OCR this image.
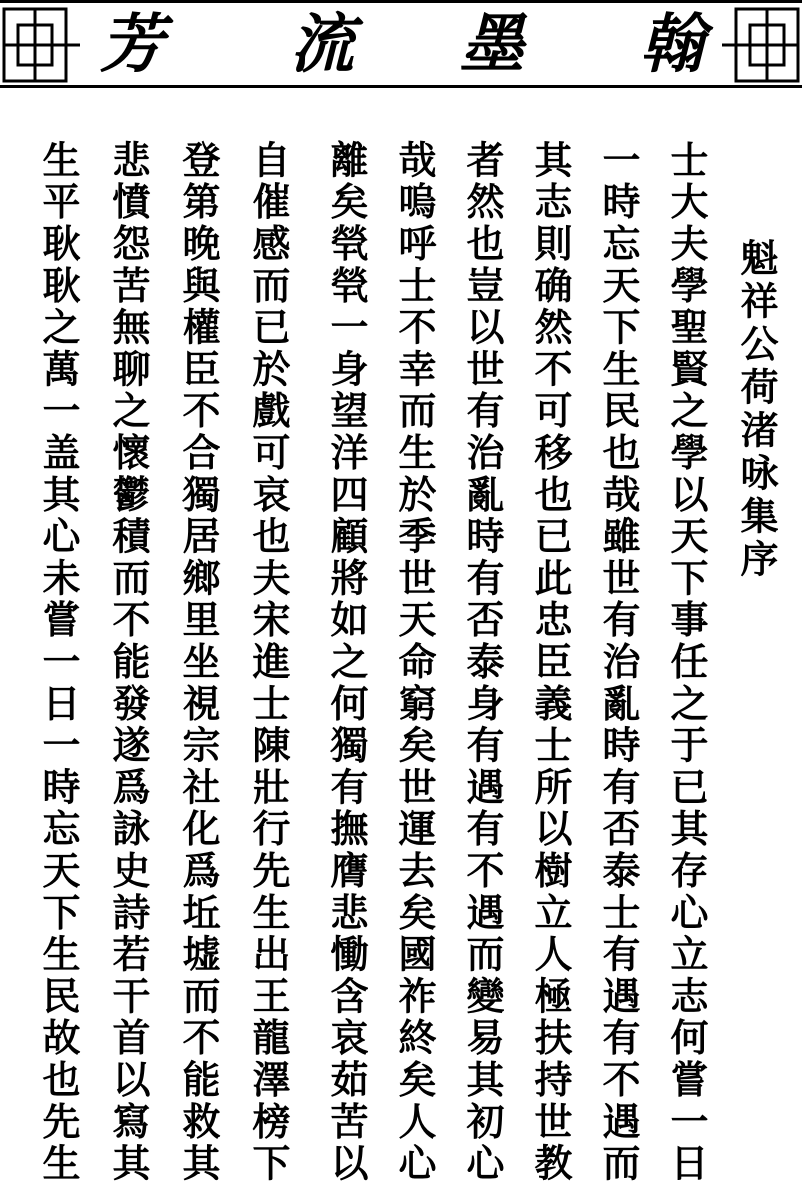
芳 流 墨 翰

魁祥公荷渚咏集序

士大夫學聖賢之學以天下事任之于已其存心立志何嘗一日

一時忘天下生民也哉雖世有治亂時有否泰士有遇有不遇而

其志則确然不可移也已此忠臣義士所以樹立人極扶持世教

者然也豈以世有治亂時有否泰身有遇有不遇而變易其初心

哉嗚呼士不幸而生於季世天命窮矣世運去矣國祚終矣人心

離矣煢煢一身望洋四顧將如之何獨有撫膺悲慟含哀茹苦以

自催感而已於戲可哀也夫宋進士陳壯行先生出王龍澤榜下

登第晚與權臣不合獨居鄉里坐視宗社化爲坵墟而不能救其

悲憤怨苦無聊之懷鬱積而不能發遂爲詠史詩若干首以寫其

生平耿耿之萬一盖其心未嘗一日一時忘天下生民故也先生
